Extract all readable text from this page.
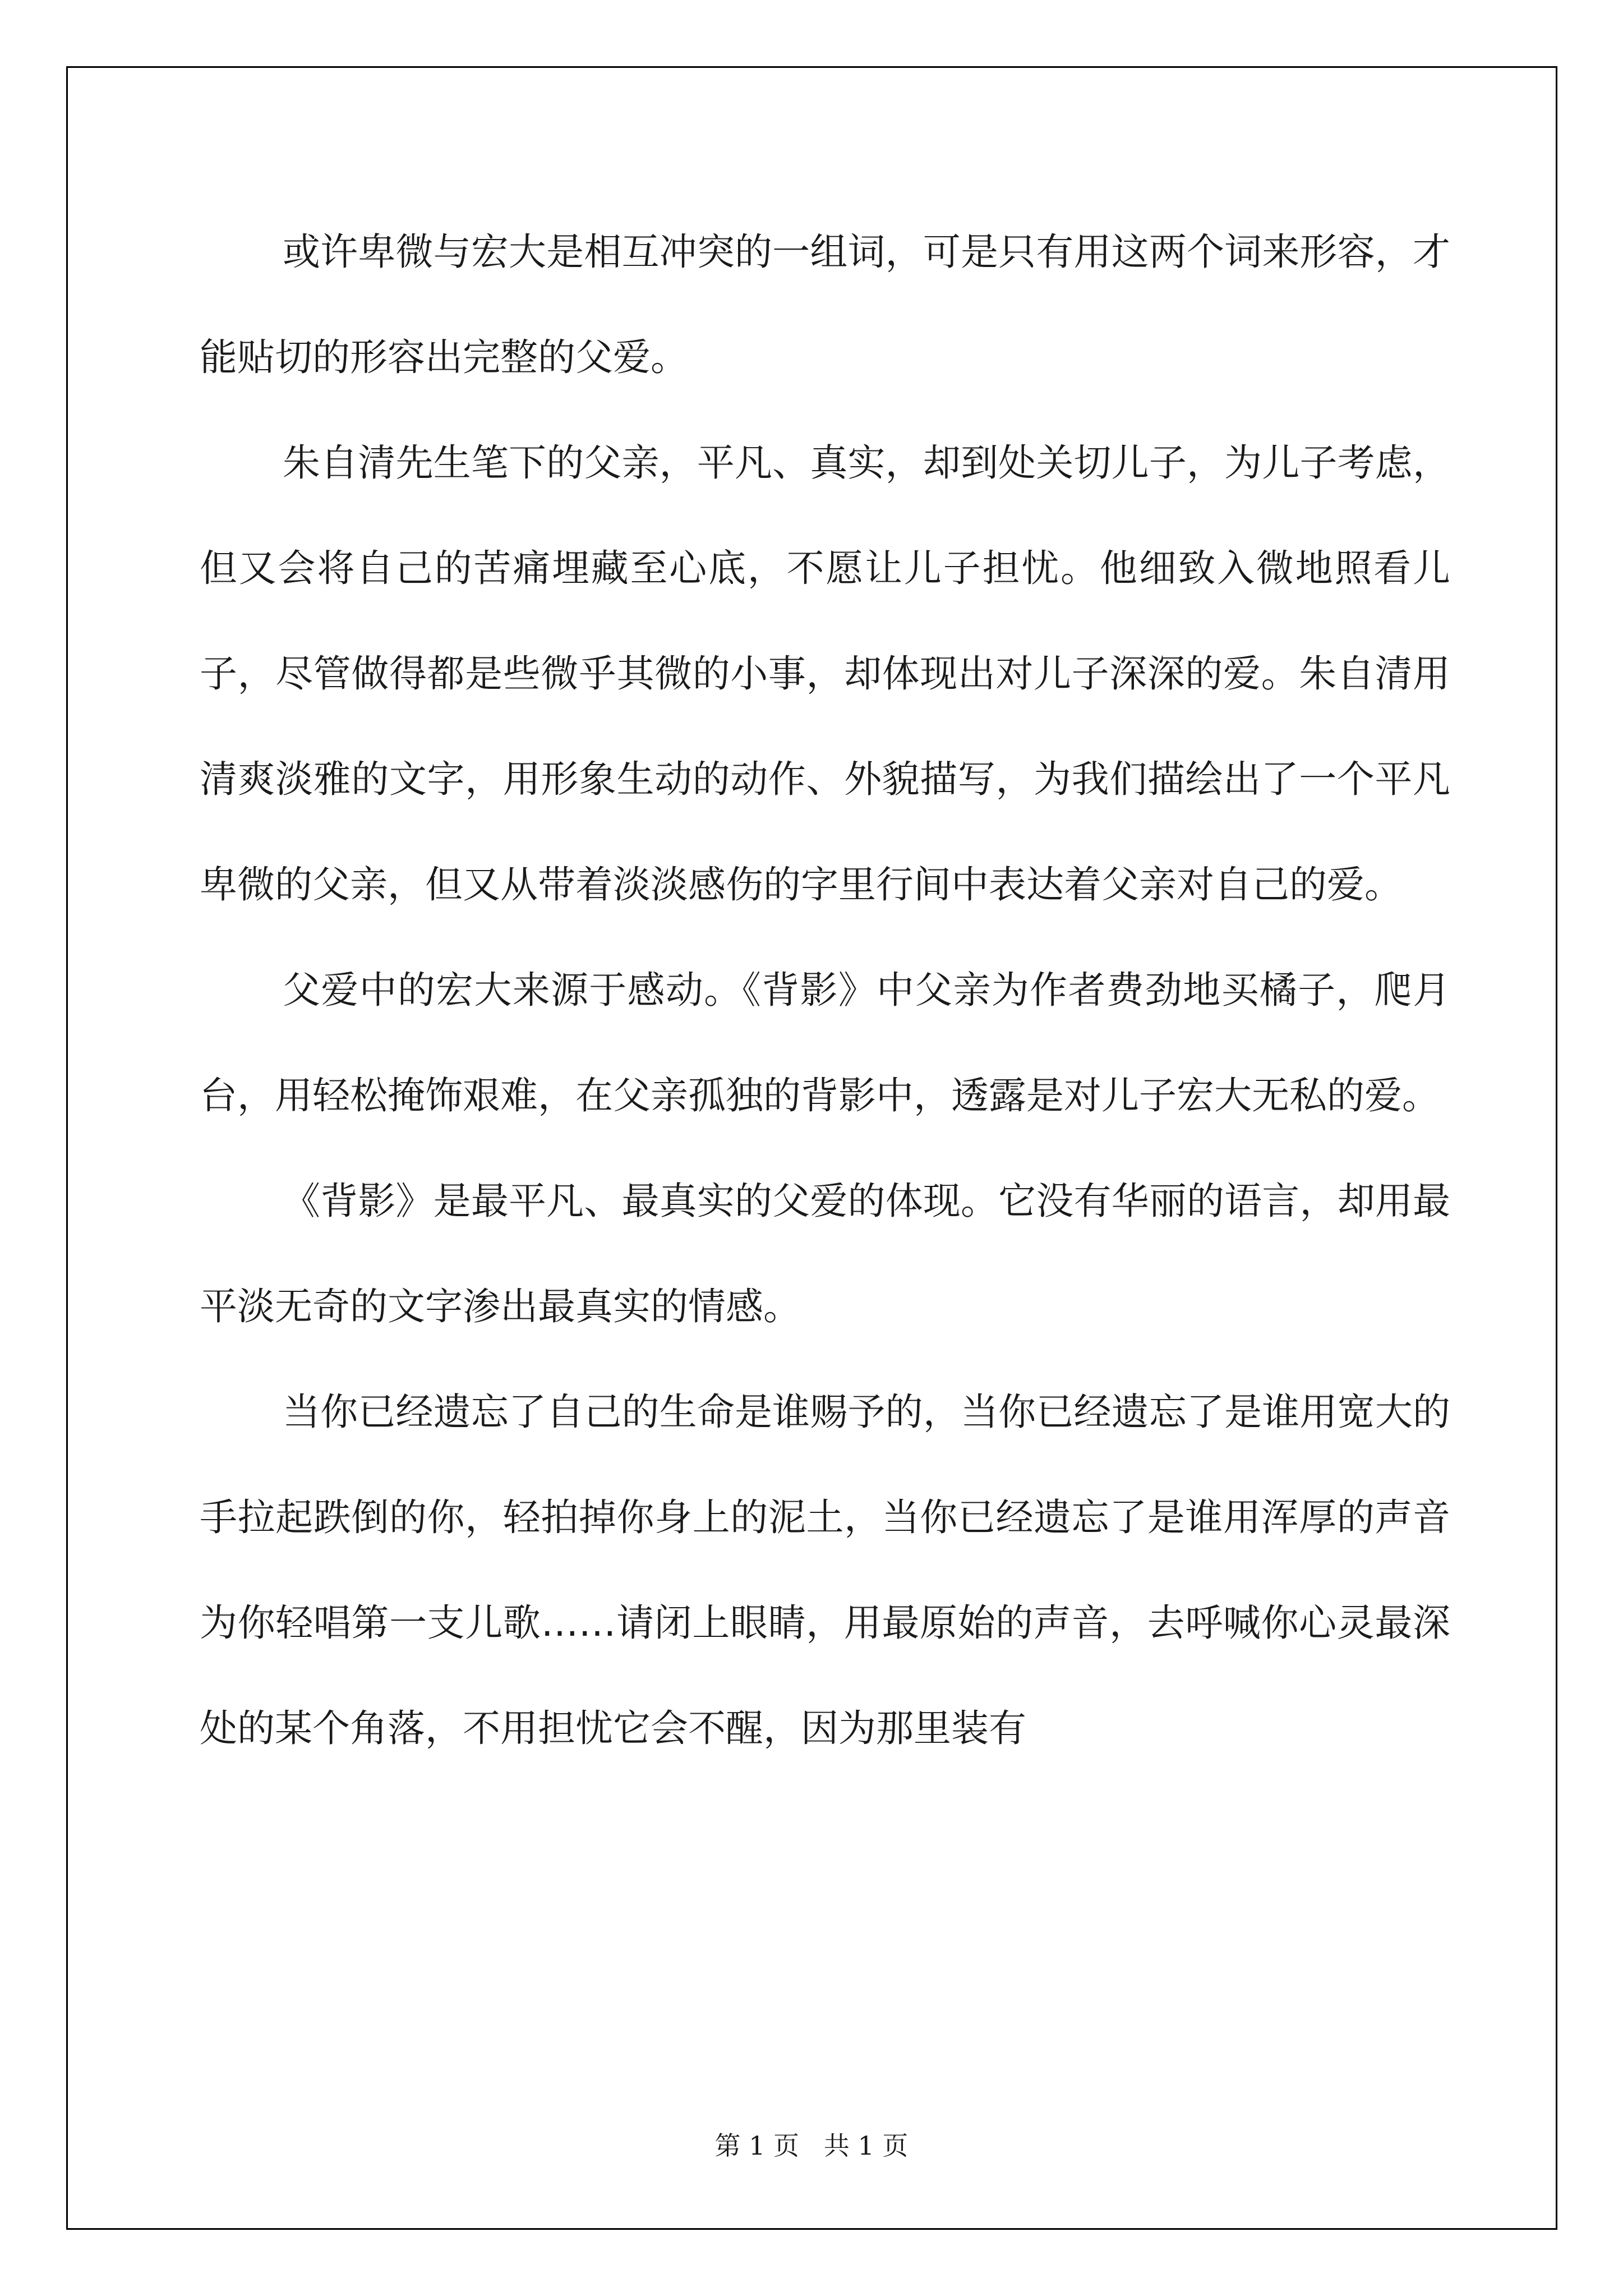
或许卑微与宏大是相互冲突的一组词，可是只有用这两个词来形容，才能贴切的形容出完整的父爱。

朱自清先生笔下的父亲，平凡、真实，却到处关切儿子，为儿子考虑，但又会将自己的苦痛埋藏至心底，不愿让儿子担忧。他细致入微地照看儿子，尽管做得都是些微乎其微的小事，却体现出对儿子深深的爱。朱自清用清爽淡雅的文字，用形象生动的动作、外貌描写，为我们描绘出了一个平凡卑微的父亲，但又从带着淡淡感伤的字里行间中表达着父亲对自己的爱。

父爱中的宏大来源于感动。《背影》中父亲为作者费劲地买橘子，爬月台，用轻松掩饰艰难，在父亲孤独的背影中，透露是对儿子宏大无私的爱。

《背影》是最平凡、最真实的父爱的体现。它没有华丽的语言，却用最平淡无奇的文字渗出最真实的情感。

当你已经遗忘了自己的生命是谁赐予的，当你已经遗忘了是谁用宽大的手拉起跌倒的你，轻拍掉你身上的泥土，当你已经遗忘了是谁用浑厚的声音为你轻唱第一支儿歌……请闭上眼睛，用最原始的声音，去呼喊你心灵最深处的某个角落，不用担忧它会不醒，因为那里装有

第 1 页   共 1 页
